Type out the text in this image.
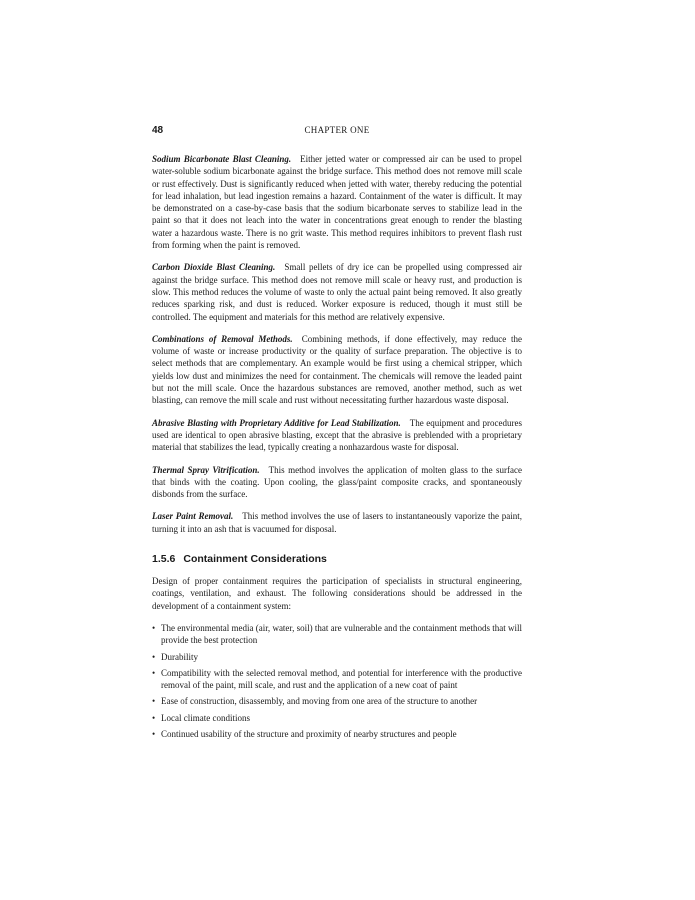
48	CHAPTER ONE

Sodium Bicarbonate Blast Cleaning.  Either jetted water or compressed air can be used to propel water-soluble sodium bicarbonate against the bridge surface. This method does not remove mill scale or rust effectively. Dust is significantly reduced when jetted with water, thereby reducing the potential for lead inhalation, but lead ingestion remains a hazard. Containment of the water is difficult. It may be demonstrated on a case-by-case basis that the sodium bicarbonate serves to stabilize lead in the paint so that it does not leach into the water in concentrations great enough to render the blasting water a hazardous waste. There is no grit waste. This method requires inhibitors to prevent flash rust from forming when the paint is removed.

Carbon Dioxide Blast Cleaning.  Small pellets of dry ice can be propelled using compressed air against the bridge surface. This method does not remove mill scale or heavy rust, and production is slow. This method reduces the volume of waste to only the actual paint being removed. It also greatly reduces sparking risk, and dust is reduced. Worker exposure is reduced, though it must still be controlled. The equipment and materials for this method are relatively expensive.

Combinations of Removal Methods.  Combining methods, if done effectively, may reduce the volume of waste or increase productivity or the quality of surface preparation. The objective is to select methods that are complementary. An example would be first using a chemical stripper, which yields low dust and minimizes the need for containment. The chemicals will remove the leaded paint but not the mill scale. Once the hazardous substances are removed, another method, such as wet blasting, can remove the mill scale and rust without necessitating further hazardous waste disposal.

Abrasive Blasting with Proprietary Additive for Lead Stabilization.  The equipment and procedures used are identical to open abrasive blasting, except that the abrasive is preblended with a proprietary material that stabilizes the lead, typically creating a nonhazardous waste for disposal.

Thermal Spray Vitrification.  This method involves the application of molten glass to the surface that binds with the coating. Upon cooling, the glass/paint composite cracks, and spontaneously disbonds from the surface.

Laser Paint Removal.  This method involves the use of lasers to instantaneously vaporize the paint, turning it into an ash that is vacuumed for disposal.

1.5.6 Containment Considerations

Design of proper containment requires the participation of specialists in structural engineering, coatings, ventilation, and exhaust. The following considerations should be addressed in the development of a containment system:

• The environmental media (air, water, soil) that are vulnerable and the containment methods that will provide the best protection
• Durability
• Compatibility with the selected removal method, and potential for interference with the productive removal of the paint, mill scale, and rust and the application of a new coat of paint
• Ease of construction, disassembly, and moving from one area of the structure to another
• Local climate conditions
• Continued usability of the structure and proximity of nearby structures and people
